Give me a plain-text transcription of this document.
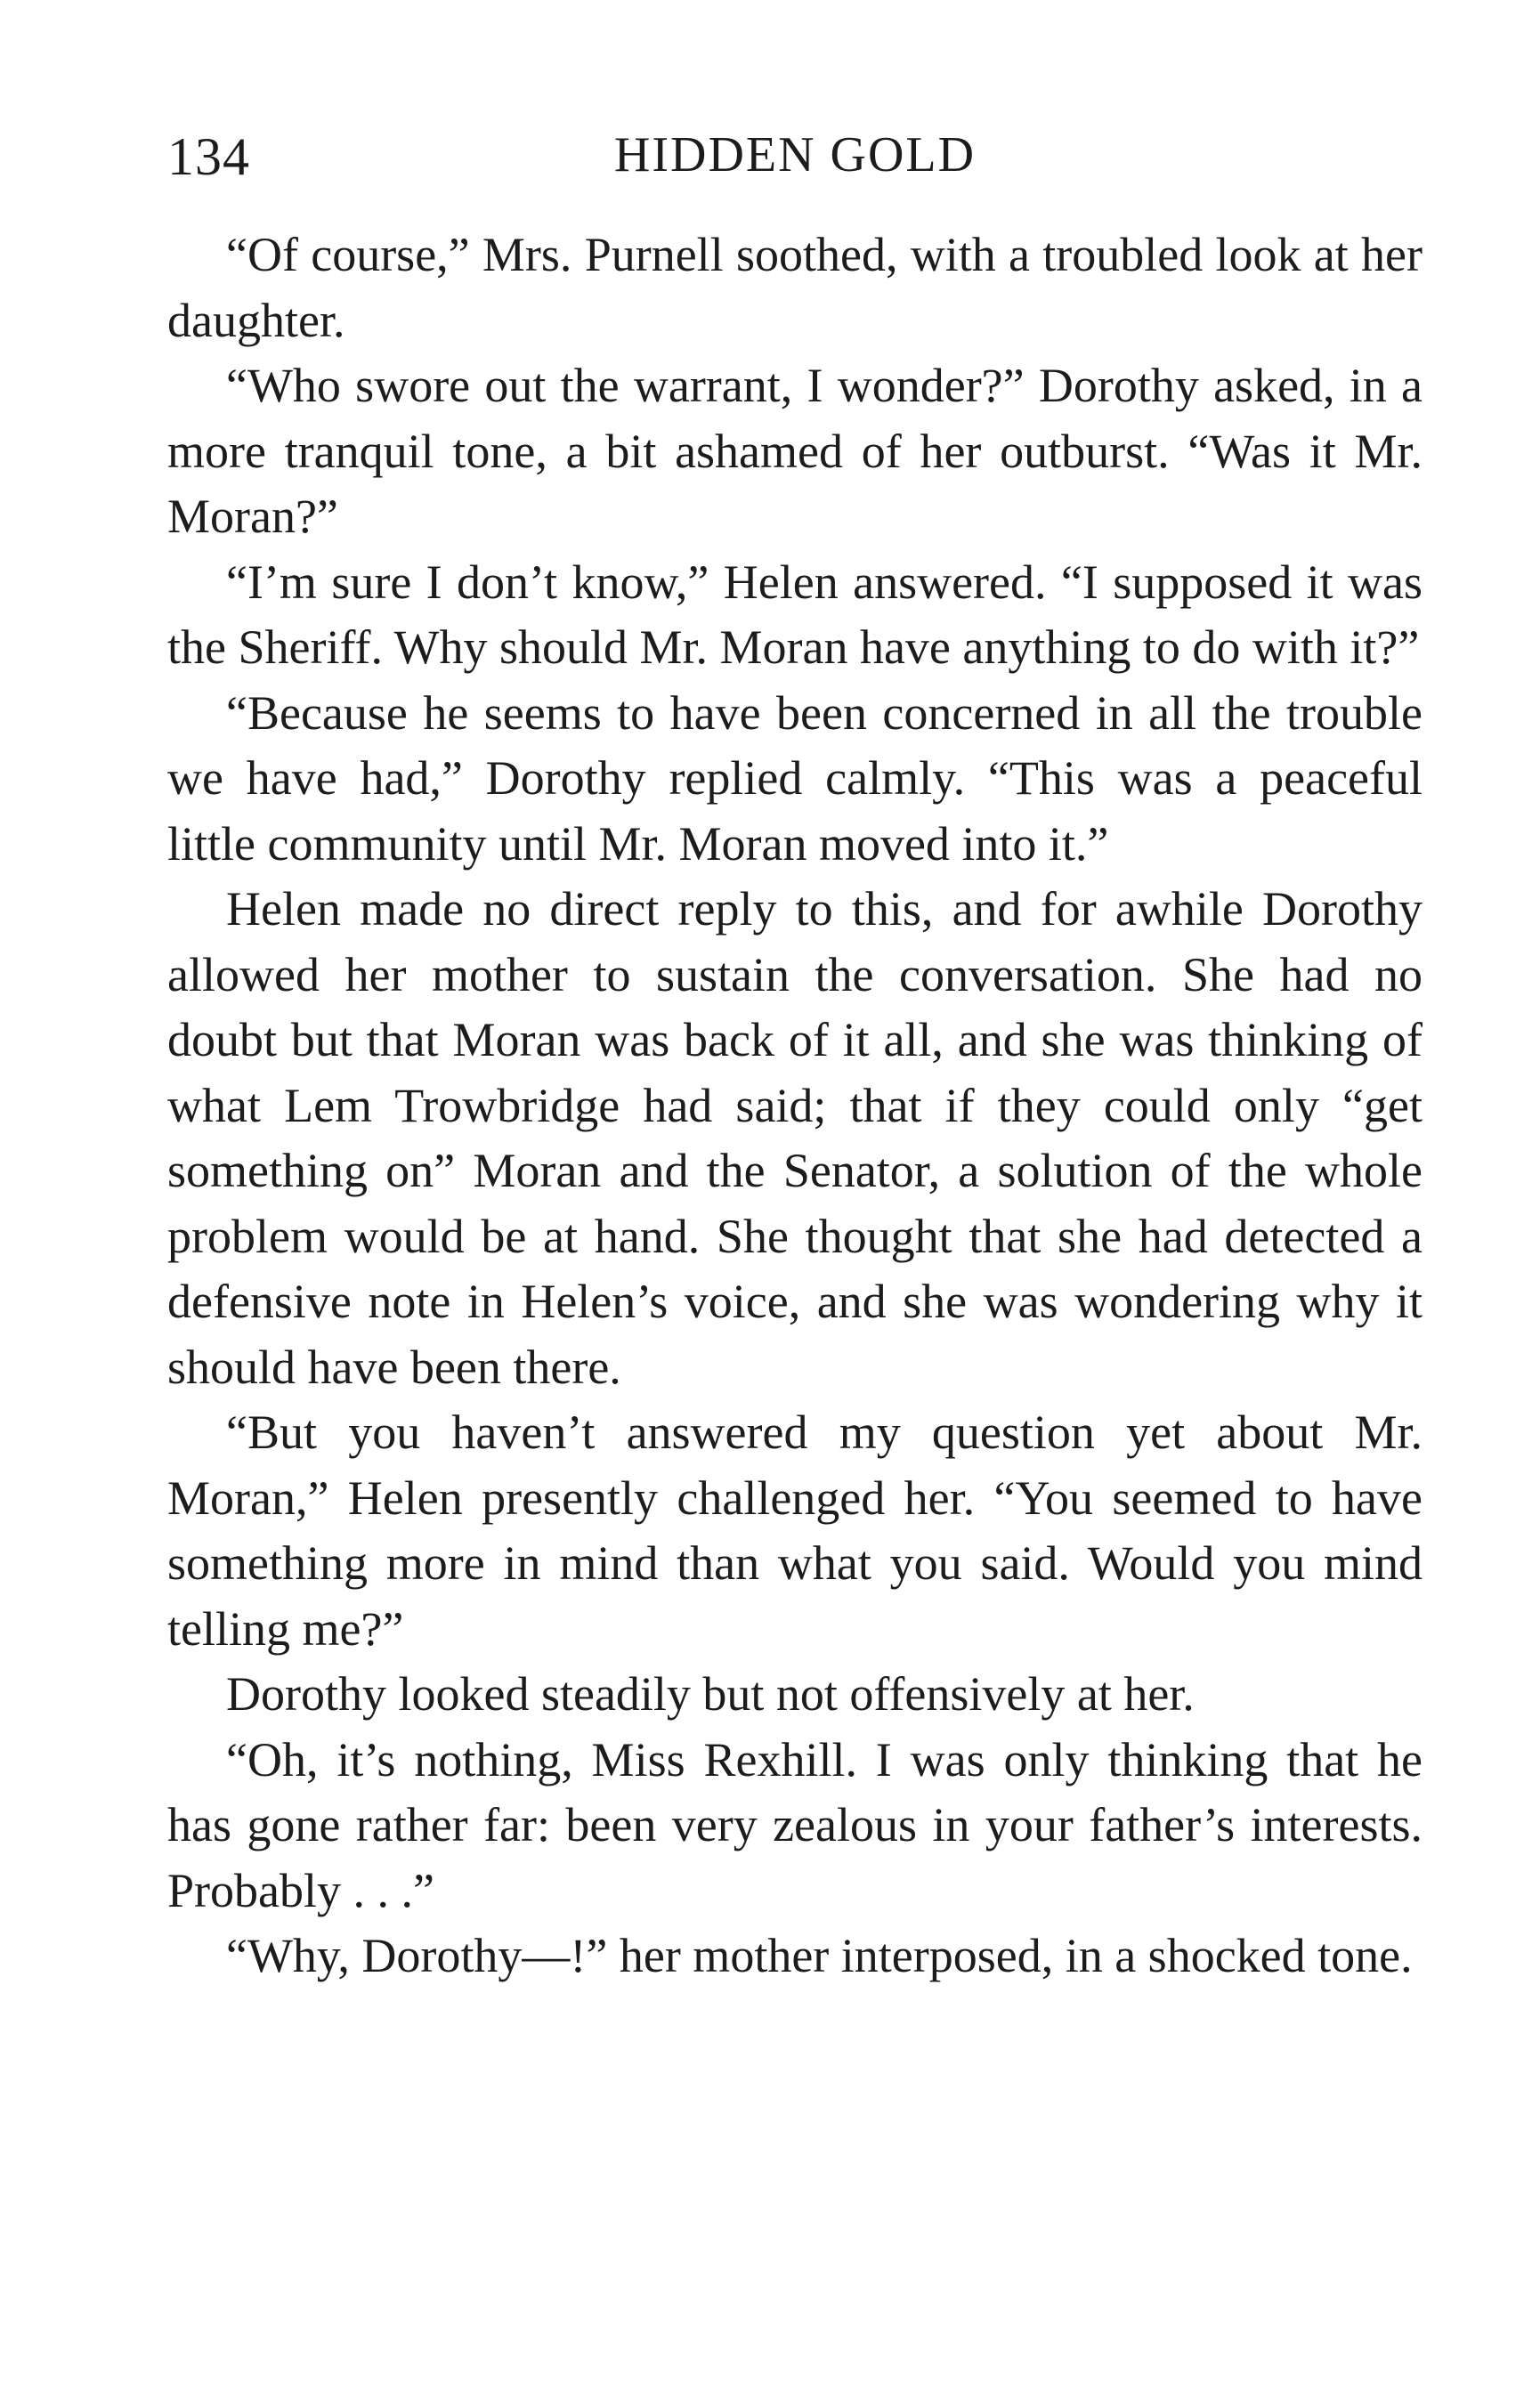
134	HIDDEN GOLD

“Of course,” Mrs. Purnell soothed, with a troubled look at her daughter.

“Who swore out the warrant, I wonder?” Dorothy asked, in a more tranquil tone, a bit ashamed of her outburst. “Was it Mr. Moran?”

“I’m sure I don’t know,” Helen answered. “I supposed it was the Sheriff. Why should Mr. Moran have anything to do with it?”

“Because he seems to have been concerned in all the trouble we have had,” Dorothy replied calmly. “This was a peaceful little community until Mr. Moran moved into it.”

Helen made no direct reply to this, and for awhile Dorothy allowed her mother to sustain the conversation. She had no doubt but that Moran was back of it all, and she was thinking of what Lem Trowbridge had said; that if they could only “get something on” Moran and the Senator, a solution of the whole problem would be at hand. She thought that she had detected a defensive note in Helen’s voice, and she was wondering why it should have been there.

“But you haven’t answered my question yet about Mr. Moran,” Helen presently challenged her. “You seemed to have something more in mind than what you said. Would you mind telling me?”

Dorothy looked steadily but not offensively at her.

“Oh, it’s nothing, Miss Rexhill. I was only thinking that he has gone rather far: been very zealous in your father’s interests. Probably . . .”

“Why, Dorothy—!” her mother interposed, in a shocked tone.
